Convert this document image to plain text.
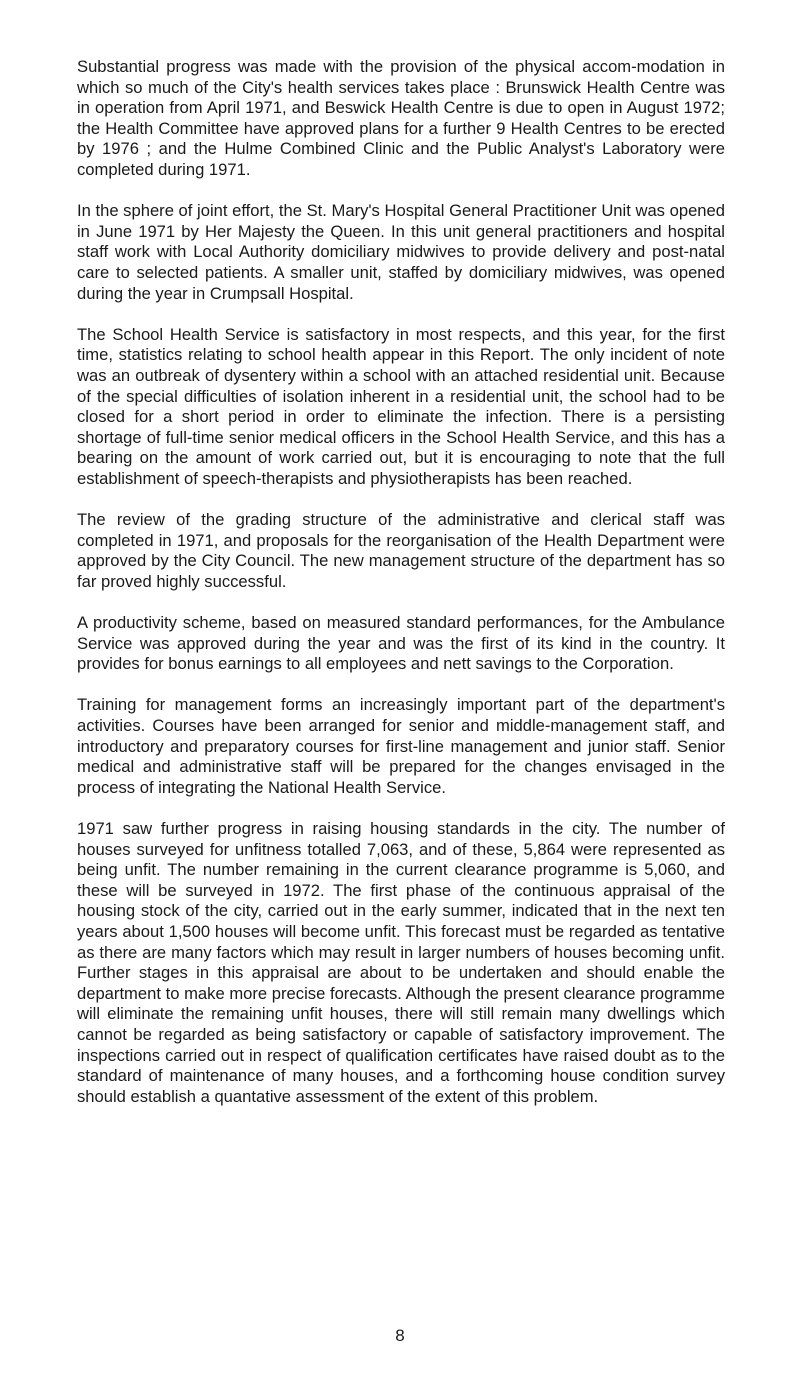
Substantial progress was made with the provision of the physical accom-modation in which so much of the City's health services takes place : Brunswick Health Centre was in operation from April 1971, and Beswick Health Centre is due to open in August 1972; the Health Committee have approved plans for a further 9 Health Centres to be erected by 1976 ; and the Hulme Combined Clinic and the Public Analyst's Laboratory were completed during 1971.

In the sphere of joint effort, the St. Mary's Hospital General Practitioner Unit was opened in June 1971 by Her Majesty the Queen. In this unit general practitioners and hospital staff work with Local Authority domiciliary midwives to provide delivery and post-natal care to selected patients. A smaller unit, staffed by domiciliary midwives, was opened during the year in Crumpsall Hospital.

The School Health Service is satisfactory in most respects, and this year, for the first time, statistics relating to school health appear in this Report. The only incident of note was an outbreak of dysentery within a school with an attached residential unit. Because of the special difficulties of isolation inherent in a residential unit, the school had to be closed for a short period in order to eliminate the infection. There is a persisting shortage of full-time senior medical officers in the School Health Service, and this has a bearing on the amount of work carried out, but it is encouraging to note that the full establishment of speech-therapists and physiotherapists has been reached.

The review of the grading structure of the administrative and clerical staff was completed in 1971, and proposals for the reorganisation of the Health Department were approved by the City Council. The new management structure of the department has so far proved highly successful.

A productivity scheme, based on measured standard performances, for the Ambulance Service was approved during the year and was the first of its kind in the country. It provides for bonus earnings to all employees and nett savings to the Corporation.

Training for management forms an increasingly important part of the department's activities. Courses have been arranged for senior and middle-management staff, and introductory and preparatory courses for first-line management and junior staff. Senior medical and administrative staff will be prepared for the changes envisaged in the process of integrating the National Health Service.

1971 saw further progress in raising housing standards in the city. The number of houses surveyed for unfitness totalled 7,063, and of these, 5,864 were represented as being unfit. The number remaining in the current clearance programme is 5,060, and these will be surveyed in 1972. The first phase of the continuous appraisal of the housing stock of the city, carried out in the early summer, indicated that in the next ten years about 1,500 houses will become unfit. This forecast must be regarded as tentative as there are many factors which may result in larger numbers of houses becoming unfit. Further stages in this appraisal are about to be undertaken and should enable the department to make more precise forecasts. Although the present clearance programme will eliminate the remaining unfit houses, there will still remain many dwellings which cannot be regarded as being satisfactory or capable of satisfactory improvement. The inspections carried out in respect of qualification certificates have raised doubt as to the standard of maintenance of many houses, and a forthcoming house condition survey should establish a quantative assessment of the extent of this problem.

8
